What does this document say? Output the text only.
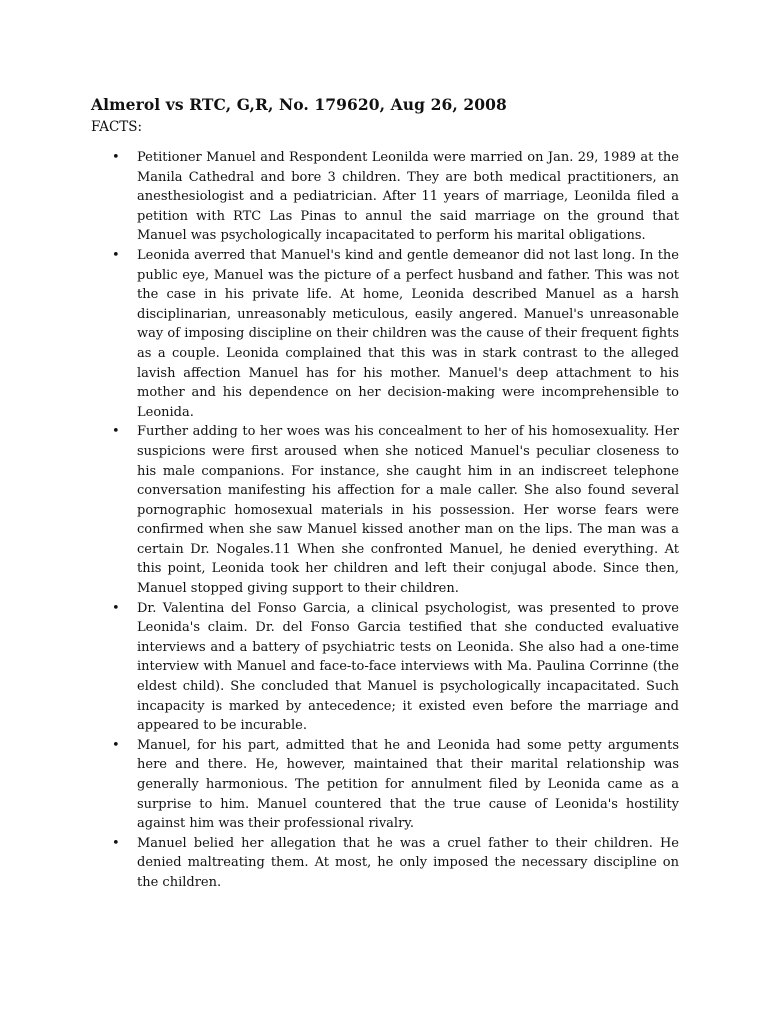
Almerol vs RTC, G,R, No. 179620, Aug 26, 2008
FACTS:
• Petitioner Manuel and Respondent Leonilda were married on Jan. 29, 1989 at the Manila Cathedral and bore 3 children. They are both medical practitioners, an anesthesiologist and a pediatrician. After 11 years of marriage, Leonilda filed a petition with RTC Las Pinas to annul the said marriage on the ground that Manuel was psychologically incapacitated to perform his marital obligations.
• Leonida averred that Manuel's kind and gentle demeanor did not last long. In the public eye, Manuel was the picture of a perfect husband and father. This was not the case in his private life. At home, Leonida described Manuel as a harsh disciplinarian, unreasonably meticulous, easily angered. Manuel's unreasonable way of imposing discipline on their children was the cause of their frequent fights as a couple. Leonida complained that this was in stark contrast to the alleged lavish affection Manuel has for his mother. Manuel's deep attachment to his mother and his dependence on her decision-making were incomprehensible to Leonida.
• Further adding to her woes was his concealment to her of his homosexuality. Her suspicions were first aroused when she noticed Manuel's peculiar closeness to his male companions. For instance, she caught him in an indiscreet telephone conversation manifesting his affection for a male caller. She also found several pornographic homosexual materials in his possession. Her worse fears were confirmed when she saw Manuel kissed another man on the lips. The man was a certain Dr. Nogales.11 When she confronted Manuel, he denied everything. At this point, Leonida took her children and left their conjugal abode. Since then, Manuel stopped giving support to their children.
• Dr. Valentina del Fonso Garcia, a clinical psychologist, was presented to prove Leonida's claim. Dr. del Fonso Garcia testified that she conducted evaluative interviews and a battery of psychiatric tests on Leonida. She also had a one-time interview with Manuel and face-to-face interviews with Ma. Paulina Corrinne (the eldest child). She concluded that Manuel is psychologically incapacitated. Such incapacity is marked by antecedence; it existed even before the marriage and appeared to be incurable.
• Manuel, for his part, admitted that he and Leonida had some petty arguments here and there. He, however, maintained that their marital relationship was generally harmonious. The petition for annulment filed by Leonida came as a surprise to him. Manuel countered that the true cause of Leonida's hostility against him was their professional rivalry.
• Manuel belied her allegation that he was a cruel father to their children. He denied maltreating them. At most, he only imposed the necessary discipline on the children.
